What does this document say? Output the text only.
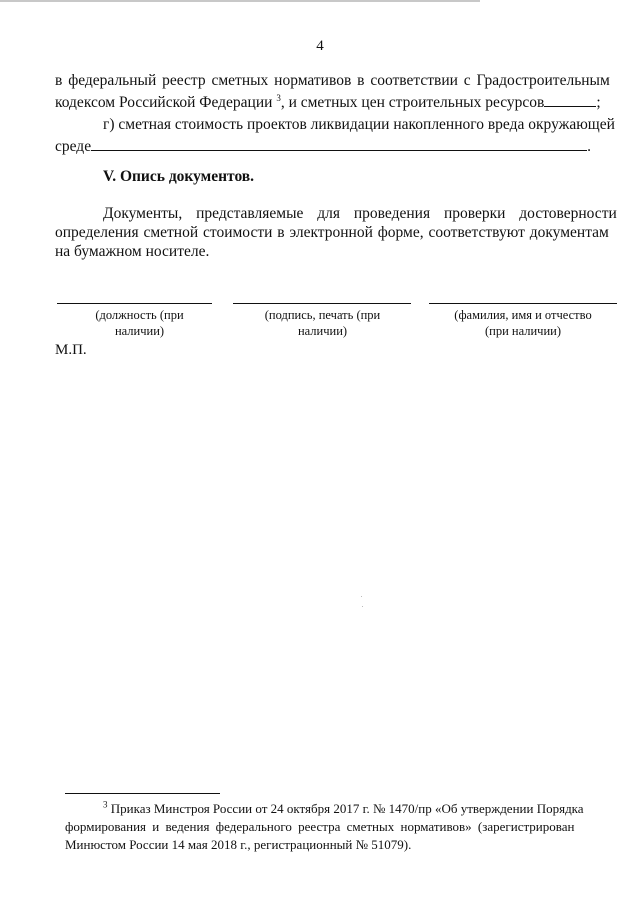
4
в федеральный реестр сметных нормативов в соответствии с Градостроительным
кодексом Российской Федерации $^3$, и сметных цен строительных ресурсов	;
г) сметная стоимость проектов ликвидации накопленного вреда окружающей
среде	.
V. Опись документов.
Документы, представляемые для проведения проверки достоверности
определения сметной стоимости в электронной форме, соответствуют документам
на бумажном носителе.
(должность (при
наличии)
(подпись, печать (при
наличии)
(фамилия, имя и отчество
(при наличии)
М.П.
$^3$ Приказ Минстроя России от 24 октября 2017 г. № 1470/пр «Об утверждении Порядка
формирования и ведения федерального реестра сметных нормативов» (зарегистрирован
Минюстом России 14 мая 2018 г., регистрационный № 51079).
